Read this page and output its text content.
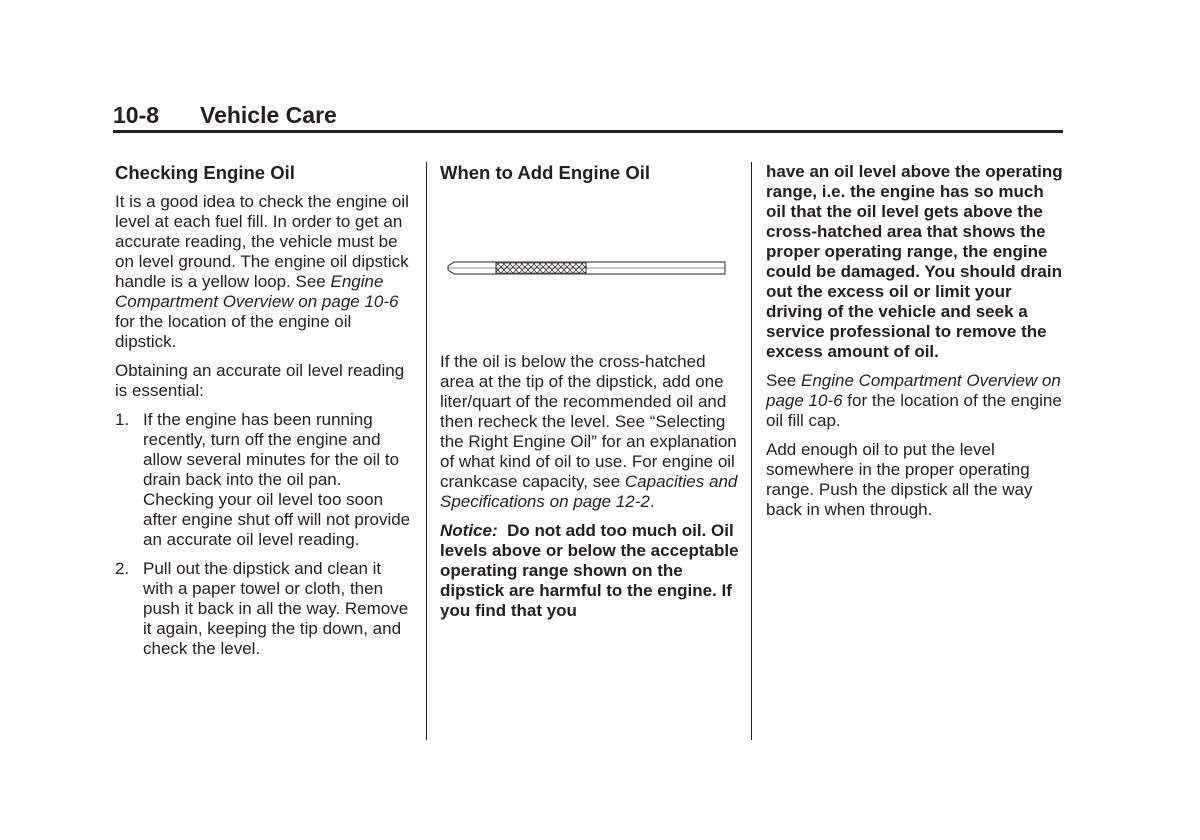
10-8 Vehicle Care
Checking Engine Oil

It is a good idea to check the engine oil level at each fuel fill. In order to get an accurate reading, the vehicle must be on level ground. The engine oil dipstick handle is a yellow loop. See Engine Compartment Overview on page 10-6 for the location of the engine oil dipstick.

Obtaining an accurate oil level reading is essential:

1. If the engine has been running recently, turn off the engine and allow several minutes for the oil to drain back into the oil pan. Checking your oil level too soon after engine shut off will not provide an accurate oil level reading.
2. Pull out the dipstick and clean it with a paper towel or cloth, then push it back in all the way. Remove it again, keeping the tip down, and check the level.
When to Add Engine Oil

If the oil is below the cross-hatched area at the tip of the dipstick, add one liter/quart of the recommended oil and then recheck the level. See “Selecting the Right Engine Oil” for an explanation of what kind of oil to use. For engine oil crankcase capacity, see Capacities and Specifications on page 12-2.

Notice: Do not add too much oil. Oil levels above or below the acceptable operating range shown on the dipstick are harmful to the engine. If you find that you

have an oil level above the operating range, i.e. the engine has so much oil that the oil level gets above the cross-hatched area that shows the proper operating range, the engine could be damaged. You should drain out the excess oil or limit your driving of the vehicle and seek a service professional to remove the excess amount of oil.

See Engine Compartment Overview on page 10-6 for the location of the engine oil fill cap.

Add enough oil to put the level somewhere in the proper operating range. Push the dipstick all the way back in when through.
